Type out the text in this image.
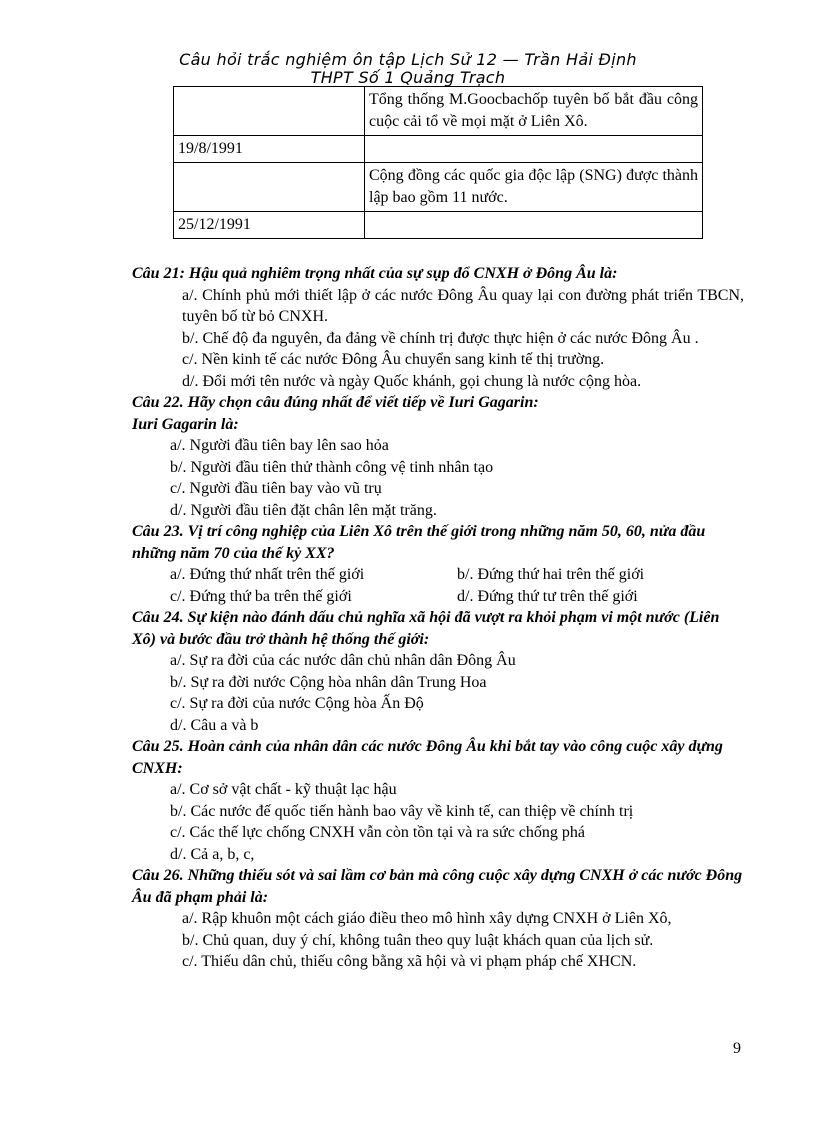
Câu hỏi trắc nghiệm ôn tập Lịch Sử 12 — Trần Hải Định
THPT Số 1 Quảng Trạch
	Tổng thống M.Goocbachốp tuyên bố bắt đầu công cuộc cải tổ về mọi mặt ở Liên Xô.
19/8/1991	
	Cộng đồng các quốc gia độc lập (SNG) được thành lập bao gồm 11 nước.
25/12/1991	
Câu 21: Hậu quả nghiêm trọng nhất của sự sụp đổ CNXH ở Đông Âu là:
a/. Chính phủ mới thiết lập ở các nước Đông Âu quay lại con đường phát triển TBCN, tuyên bố từ bỏ CNXH.
b/. Chế độ đa nguyên, đa đảng về chính trị được thực hiện ở các nước Đông Âu .
c/. Nền kinh tế các nước Đông Âu chuyển sang kinh tế thị trường.
d/. Đổi mới tên nước và ngày Quốc khánh, gọi chung là nước cộng hòa.
Câu 22. Hãy chọn câu đúng nhất để viết tiếp về Iuri Gagarin:
Iuri Gagarin là:
a/. Người đầu tiên bay lên sao hỏa
b/. Người đầu tiên thử thành công vệ tinh nhân tạo
c/. Người đầu tiên bay vào vũ trụ
d/. Người đầu tiên đặt chân lên mặt trăng.
Câu 23. Vị trí công nghiệp của Liên Xô trên thế giới trong những năm 50, 60, nửa đầu những năm 70 của thế kỷ XX?
a/. Đứng thứ nhất trên thế giới	b/. Đứng thứ hai trên thế giới
c/. Đứng thứ ba trên thế giới	d/. Đứng thứ tư trên thế giới
Câu 24. Sự kiện nào đánh dấu chủ nghĩa xã hội đã vượt ra khỏi phạm vi một nước (Liên Xô) và bước đầu trở thành hệ thống thế giới:
a/. Sự ra đời của các nước dân chủ nhân dân Đông Âu
b/. Sự ra đời nước Cộng hòa nhân dân Trung Hoa
c/. Sự ra đời của nước Cộng hòa Ấn Độ
d/. Câu a và b
Câu 25. Hoàn cảnh của nhân dân các nước Đông Âu khi bắt tay vào công cuộc xây dựng CNXH:
a/. Cơ sở vật chất - kỹ thuật lạc hậu
b/. Các nước đế quốc tiến hành bao vây về kinh tế, can thiệp về chính trị
c/. Các thế lực chống CNXH vẫn còn tồn tại và ra sức chống phá
d/. Cả a, b, c,
Câu 26. Những thiếu sót và sai lầm cơ bản mà công cuộc xây dựng CNXH ở các nước Đông Âu đã phạm phải là:
a/. Rập khuôn một cách giáo điều theo mô hình xây dựng CNXH ở Liên Xô,
b/. Chủ quan, duy ý chí, không tuân theo quy luật khách quan của lịch sử.
c/. Thiếu dân chủ, thiếu công bằng xã hội và vi phạm pháp chế XHCN.
9
